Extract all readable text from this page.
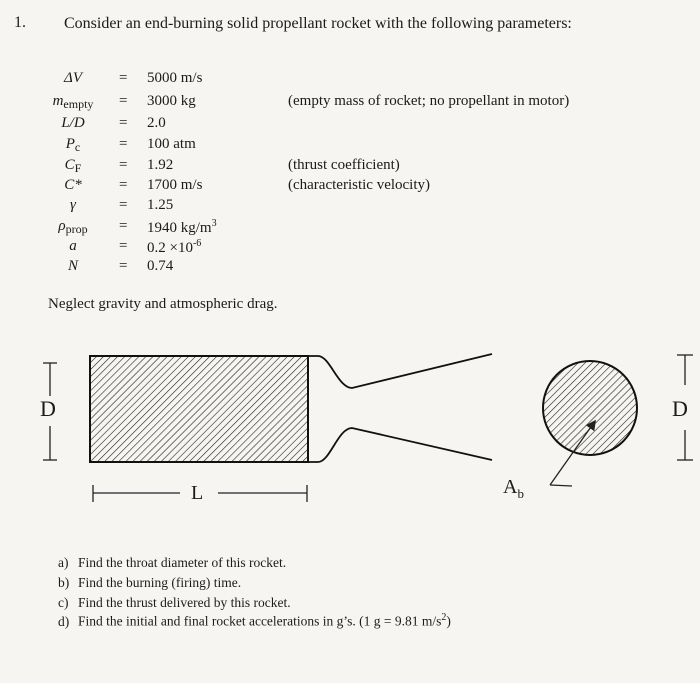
1. Consider an end-burning solid propellant rocket with the following parameters:
ΔV	= 5000 m/s
$m_{empty}$	= 3000 kg	(empty mass of rocket; no propellant in motor)
L/D	= 2.0
$P_c$	= 100 atm
$C_F$	= 1.92	(thrust coefficient)
C*	= 1700 m/s	(characteristic velocity)
γ	= 1.25
$\rho_{prop}$	= 1940 $kg/m^3$
a	= $0.2 \times 10^{-6}$
N	= 0.74
Neglect gravity and atmospheric drag.
D
L
D
$A_b$
a) Find the throat diameter of this rocket.
b) Find the burning (firing) time.
c) Find the thrust delivered by this rocket.
d) Find the initial and final rocket accelerations in g’s. (1 g = 9.81 $m/s^2$)
